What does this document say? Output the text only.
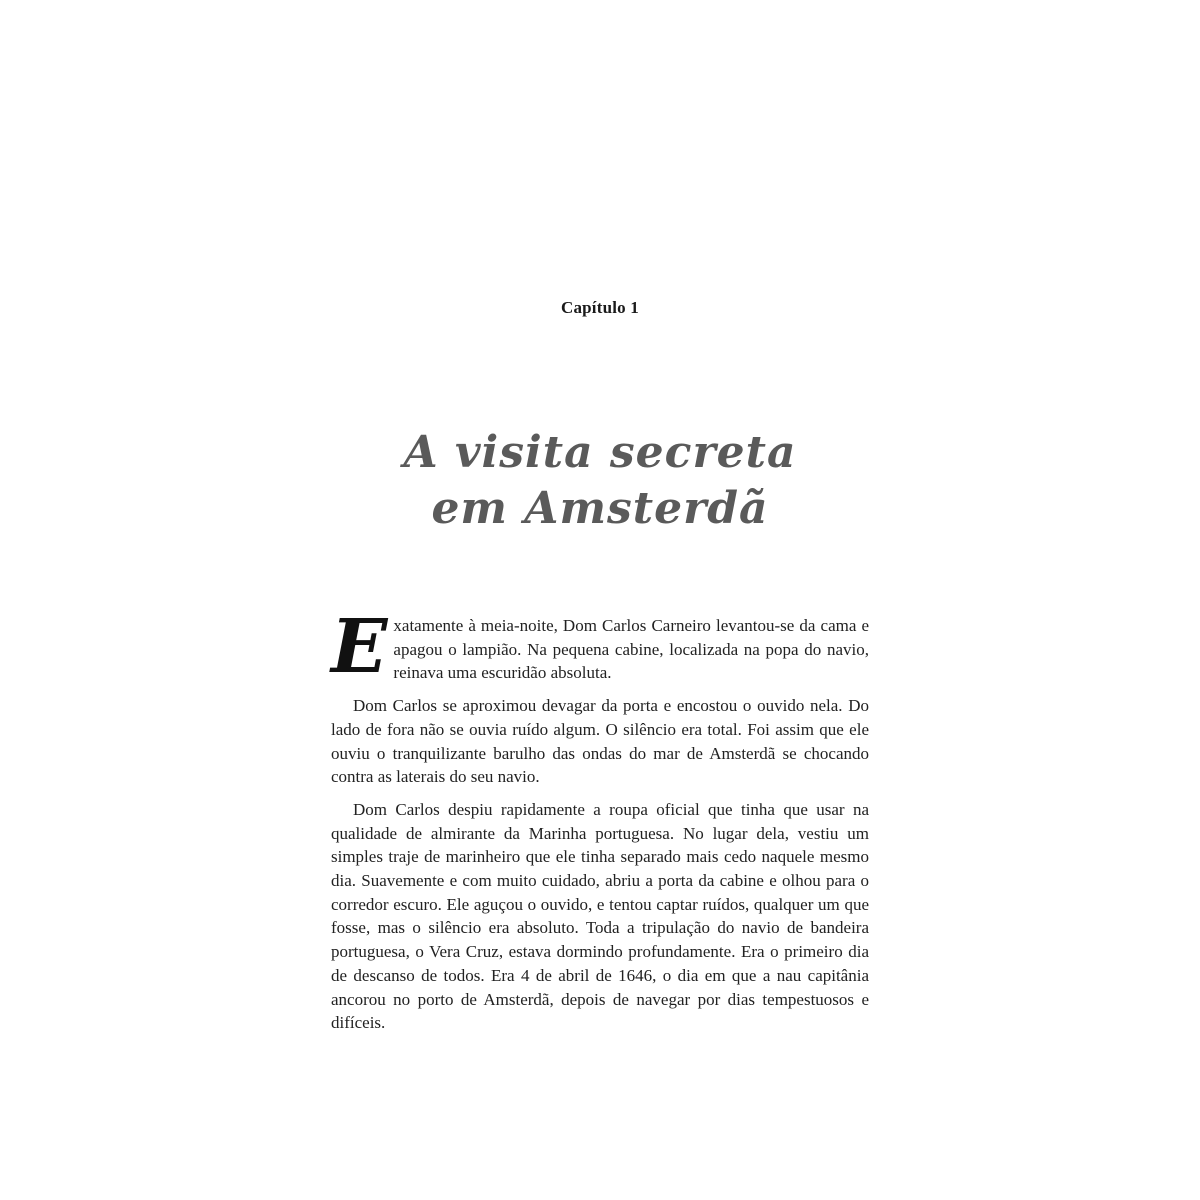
Capítulo 1
A visita secreta
em Amsterdã

Exatamente à meia-noite, Dom Carlos Carneiro levantou-se da cama e apagou o lampião. Na pequena cabine, localizada na popa do navio, reinava uma escuridão absoluta.

Dom Carlos se aproximou devagar da porta e encostou o ouvido nela. Do lado de fora não se ouvia ruído algum. O silêncio era total. Foi assim que ele ouviu o tranquilizante barulho das ondas do mar de Amsterdã se chocando contra as laterais do seu navio.

Dom Carlos despiu rapidamente a roupa oficial que tinha que usar na qualidade de almirante da Marinha portuguesa. No lugar dela, vestiu um simples traje de marinheiro que ele tinha separado mais cedo naquele mesmo dia. Suavemente e com muito cuidado, abriu a porta da cabine e olhou para o corredor escuro. Ele aguçou o ouvido, e tentou captar ruídos, qualquer um que fosse, mas o silêncio era absoluto. Toda a tripulação do navio de bandeira portuguesa, o Vera Cruz, estava dormindo profundamente. Era o primeiro dia de descanso de todos. Era 4 de abril de 1646, o dia em que a nau capitânia ancorou no porto de Amsterdã, depois de navegar por dias tempestuosos e difíceis.
